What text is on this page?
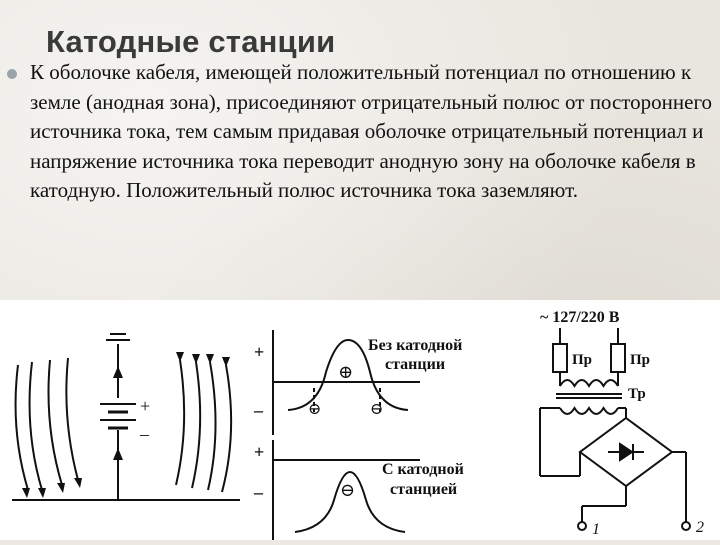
Катодные станции

К оболочке кабеля, имеющей положительный потенциал по отношению к земле (анодная зона), присоединяют отрицательный полюс от постороннего источника тока, тем самым придавая оболочке отрицательный потенциал и напряжение источника тока переводит анодную зону на оболочке кабеля в катодную. Положительный полюс источника тока заземляют.

+
–
+
–
+
–
⊕
⊖	⊖
⊖
Без катодной
станции
С катодной
станцией
~ 127/220 В
Пр	Пр
Тр
1	2
